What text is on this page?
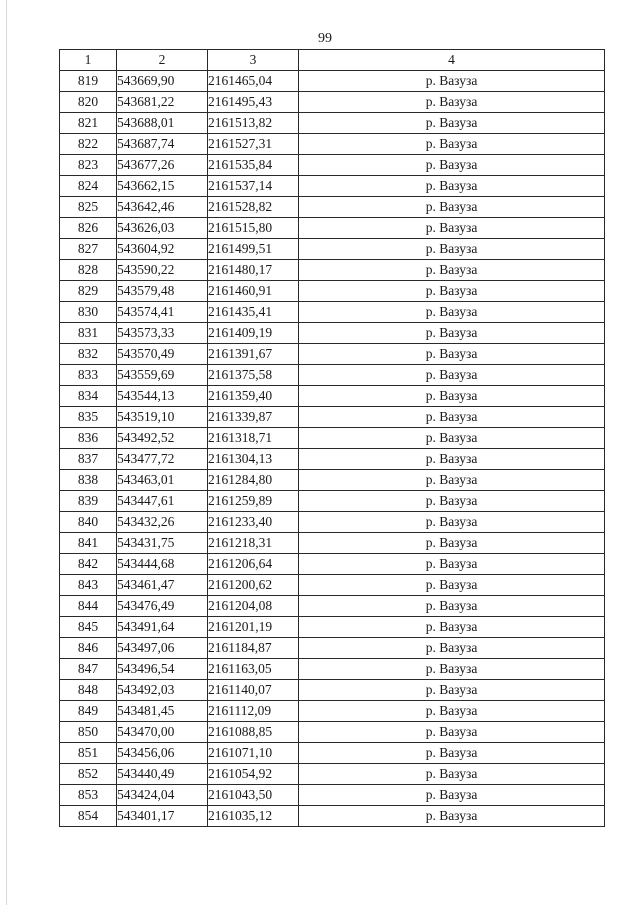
99
1	2	3	4
819	543669,90	2161465,04	р. Вазуза
820	543681,22	2161495,43	р. Вазуза
821	543688,01	2161513,82	р. Вазуза
822	543687,74	2161527,31	р. Вазуза
823	543677,26	2161535,84	р. Вазуза
824	543662,15	2161537,14	р. Вазуза
825	543642,46	2161528,82	р. Вазуза
826	543626,03	2161515,80	р. Вазуза
827	543604,92	2161499,51	р. Вазуза
828	543590,22	2161480,17	р. Вазуза
829	543579,48	2161460,91	р. Вазуза
830	543574,41	2161435,41	р. Вазуза
831	543573,33	2161409,19	р. Вазуза
832	543570,49	2161391,67	р. Вазуза
833	543559,69	2161375,58	р. Вазуза
834	543544,13	2161359,40	р. Вазуза
835	543519,10	2161339,87	р. Вазуза
836	543492,52	2161318,71	р. Вазуза
837	543477,72	2161304,13	р. Вазуза
838	543463,01	2161284,80	р. Вазуза
839	543447,61	2161259,89	р. Вазуза
840	543432,26	2161233,40	р. Вазуза
841	543431,75	2161218,31	р. Вазуза
842	543444,68	2161206,64	р. Вазуза
843	543461,47	2161200,62	р. Вазуза
844	543476,49	2161204,08	р. Вазуза
845	543491,64	2161201,19	р. Вазуза
846	543497,06	2161184,87	р. Вазуза
847	543496,54	2161163,05	р. Вазуза
848	543492,03	2161140,07	р. Вазуза
849	543481,45	2161112,09	р. Вазуза
850	543470,00	2161088,85	р. Вазуза
851	543456,06	2161071,10	р. Вазуза
852	543440,49	2161054,92	р. Вазуза
853	543424,04	2161043,50	р. Вазуза
854	543401,17	2161035,12	р. Вазуза
